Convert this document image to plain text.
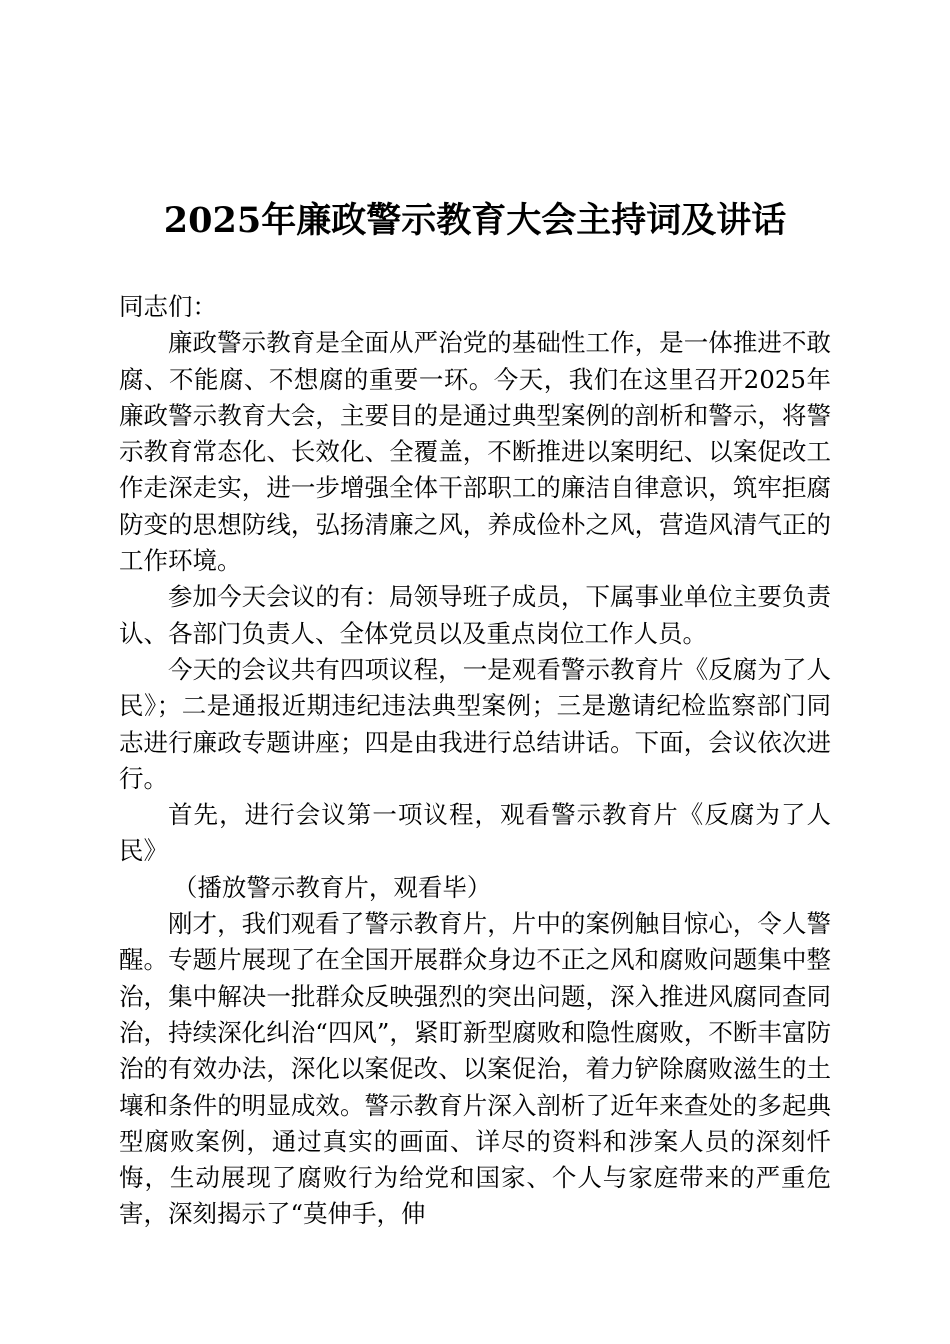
2025年廉政警示教育大会主持词及讲话

同志们：

廉政警示教育是全面从严治党的基础性工作，是一体推进不敢腐、不能腐、不想腐的重要一环。今天，我们在这里召开2025年廉政警示教育大会，主要目的是通过典型案例的剖析和警示，将警示教育常态化、长效化、全覆盖，不断推进以案明纪、以案促改工作走深走实，进一步增强全体干部职工的廉洁自律意识，筑牢拒腐防变的思想防线，弘扬清廉之风，养成俭朴之风，营造风清气正的工作环境。

参加今天会议的有：局领导班子成员，下属事业单位主要负责认、各部门负责人、全体党员以及重点岗位工作人员。

今天的会议共有四项议程，一是观看警示教育片《反腐为了人民》；二是通报近期违纪违法典型案例；三是邀请纪检监察部门同志进行廉政专题讲座；四是由我进行总结讲话。下面，会议依次进行。

首先，进行会议第一项议程，观看警示教育片《反腐为了人民》

（播放警示教育片，观看毕）

刚才，我们观看了警示教育片，片中的案例触目惊心，令人警醒。专题片展现了在全国开展群众身边不正之风和腐败问题集中整治，集中解决一批群众反映强烈的突出问题，深入推进风腐同查同治，持续深化纠治“四风”，紧盯新型腐败和隐性腐败，不断丰富防治的有效办法，深化以案促改、以案促治，着力铲除腐败滋生的土壤和条件的明显成效。警示教育片深入剖析了近年来查处的多起典型腐败案例，通过真实的画面、详尽的资料和涉案人员的深刻忏悔，生动展现了腐败行为给党和国家、个人与家庭带来的严重危害，深刻揭示了“莫伸手，伸
